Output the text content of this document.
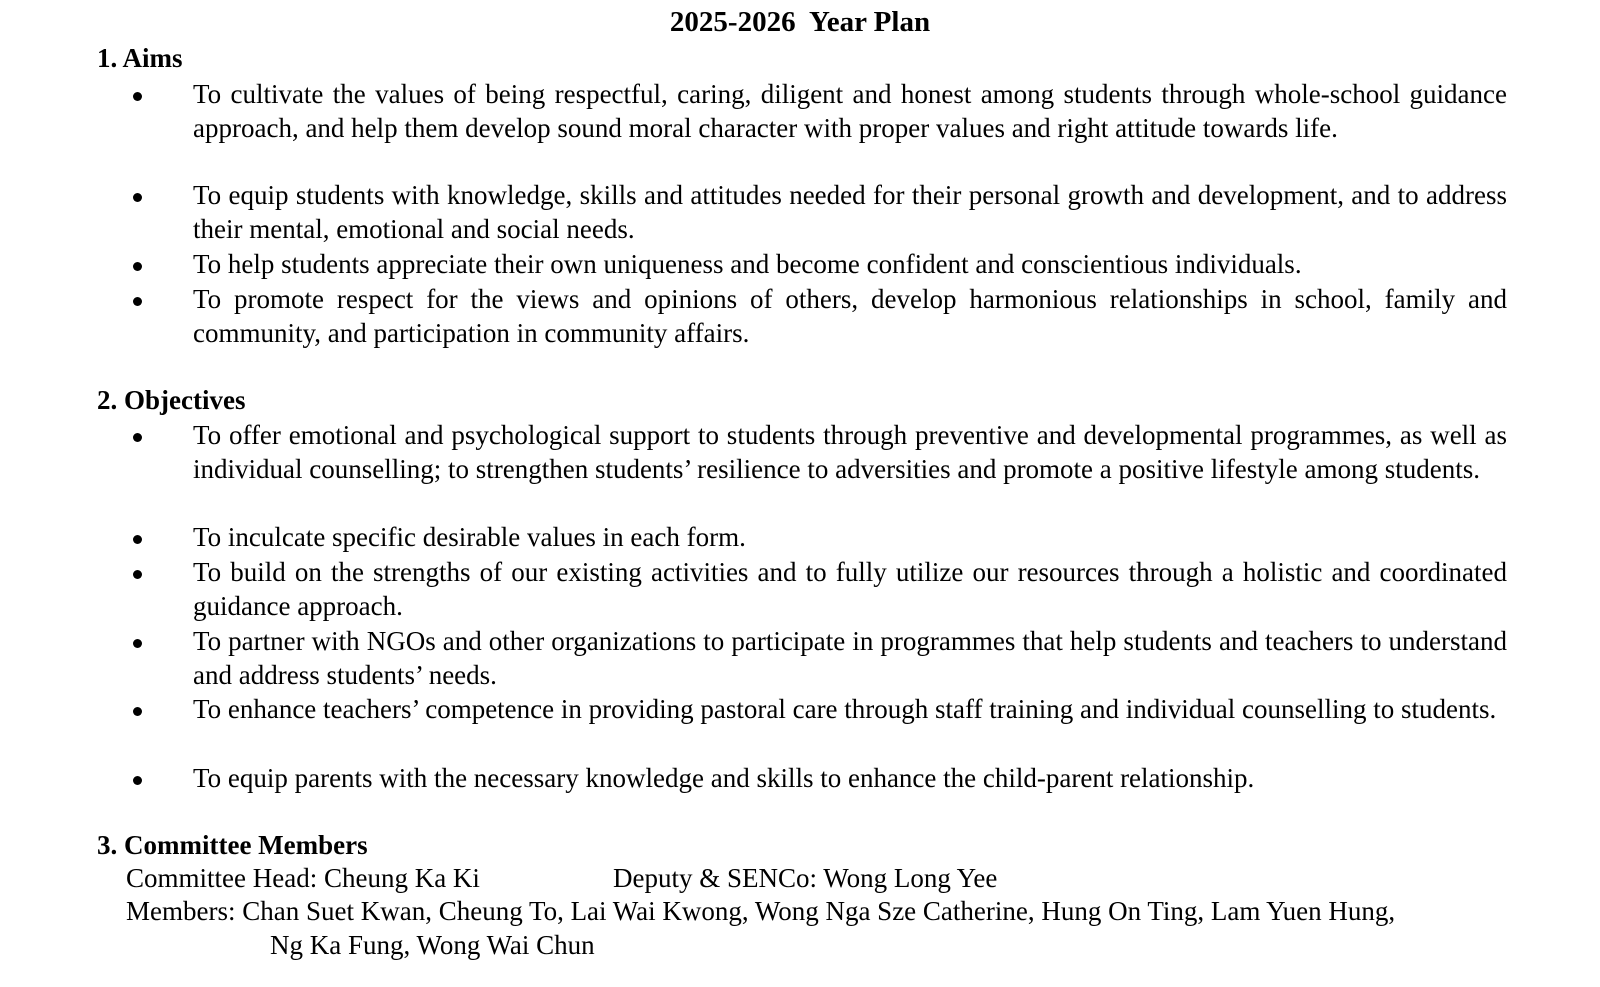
2025-2026  Year Plan
1. Aims
To cultivate the values of being respectful, caring, diligent and honest among students through whole-school guidance approach, and help them develop sound moral character with proper values and right attitude towards life.
To equip students with knowledge, skills and attitudes needed for their personal growth and development, and to address their mental, emotional and social needs.
To help students appreciate their own uniqueness and become confident and conscientious individuals.
To promote respect for the views and opinions of others, develop harmonious relationships in school, family and community, and participation in community affairs.
2. Objectives
To offer emotional and psychological support to students through preventive and developmental programmes, as well as individual counselling; to strengthen students’ resilience to adversities and promote a positive lifestyle among students.
To inculcate specific desirable values in each form.
To build on the strengths of our existing activities and to fully utilize our resources through a holistic and coordinated guidance approach.
To partner with NGOs and other organizations to participate in programmes that help students and teachers to understand and address students’ needs.
To enhance teachers’ competence in providing pastoral care through staff training and individual counselling to students.
To equip parents with the necessary knowledge and skills to enhance the child-parent relationship.
3. Committee Members
Committee Head: Cheung Ka Ki	Deputy & SENCo: Wong Long Yee
Members: Chan Suet Kwan, Cheung To, Lai Wai Kwong, Wong Nga Sze Catherine, Hung On Ting, Lam Yuen Hung,
Ng Ka Fung, Wong Wai Chun
